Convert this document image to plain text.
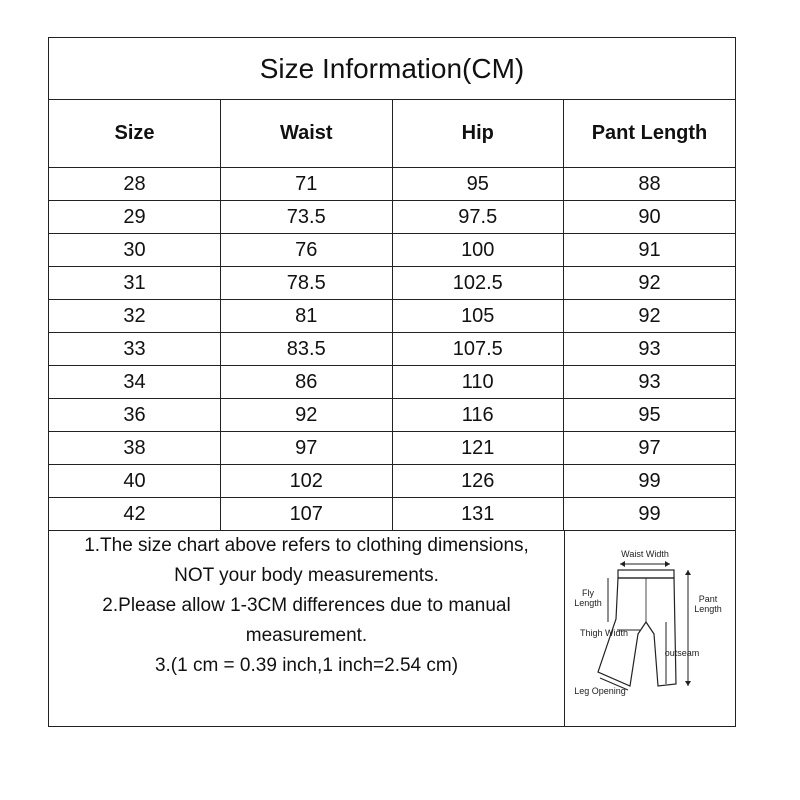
Size Information(CM)
Size	Waist	Hip	Pant Length
28	71	95	88
29	73.5	97.5	90
30	76	100	91
31	78.5	102.5	92
32	81	105	92
33	83.5	107.5	93
34	86	110	93
36	92	116	95
38	97	121	97
40	102	126	99
42	107	131	99

1.The size chart above refers to clothing dimensions,

NOT your body measurements.

2.Please allow 1-3CM differences due to manual

measurement.

3.(1 cm = 0.39 inch,1 inch=2.54 cm)

Waist Width
Fly
Length	Pant
Length
Thigh Width
outseam
Leg Opening
